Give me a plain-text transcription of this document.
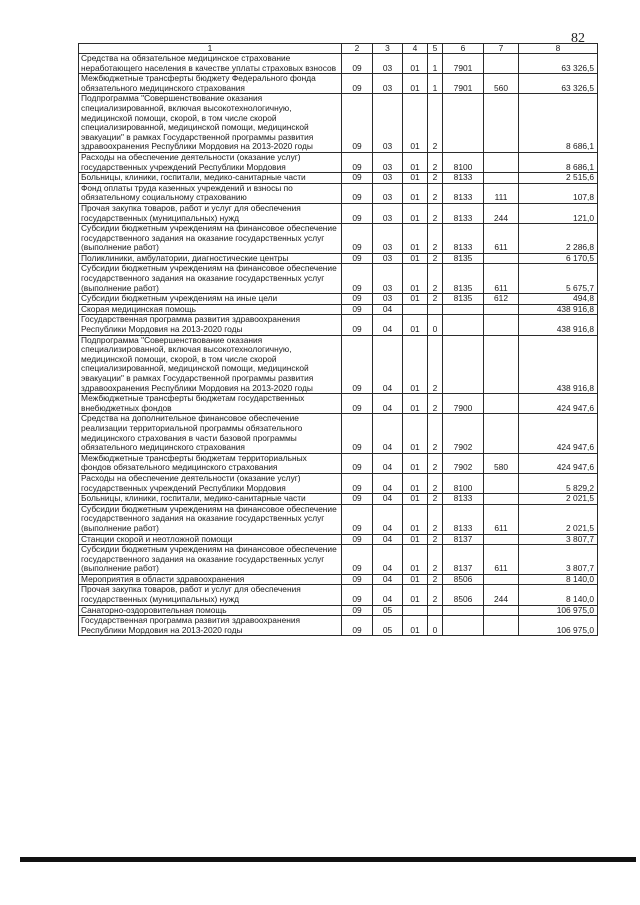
82
1	2	3	4	5	6	7	8
Средства на обязательное медицинское страхование неработающего населения в качестве уплаты страховых взносов	09	03	01	1	7901		63 326,5
Межбюджетные трансферты бюджету Федерального фонда обязательного медицинского страхования	09	03	01	1	7901	560	63 326,5
Подпрограмма "Совершенствование оказания специализированной, включая высокотехнологичную, медицинской помощи, скорой, в том числе скорой специализированной, медицинской помощи, медицинской эвакуации" в рамках Государственной программы развития здравоохранения Республики Мордовия на 2013-2020 годы	09	03	01	2			8 686,1
Расходы на обеспечение деятельности (оказание услуг) государственных учреждений Республики Мордовия	09	03	01	2	8100		8 686,1
Больницы, клиники, госпитали, медико-санитарные части	09	03	01	2	8133		2 515,6
Фонд оплаты труда казенных учреждений и взносы по обязательному социальному страхованию	09	03	01	2	8133	111	107,8
Прочая закупка товаров, работ и услуг для обеспечения государственных (муниципальных) нужд	09	03	01	2	8133	244	121,0
Субсидии бюджетным учреждениям на финансовое обеспечение государственного задания на оказание государственных услуг (выполнение работ)	09	03	01	2	8133	611	2 286,8
Поликлиники, амбулатории, диагностические центры	09	03	01	2	8135		6 170,5
Субсидии бюджетным учреждениям на финансовое обеспечение государственного задания на оказание государственных услуг (выполнение работ)	09	03	01	2	8135	611	5 675,7
Субсидии бюджетным учреждениям на иные цели	09	03	01	2	8135	612	494,8
Скорая медицинская помощь	09	04					438 916,8
Государственная программа развития здравоохранения Республики Мордовия на 2013-2020 годы	09	04	01	0			438 916,8
Подпрограмма "Совершенствование оказания специализированной, включая высокотехнологичную, медицинской помощи, скорой, в том числе скорой специализированной, медицинской помощи, медицинской эвакуации" в рамках Государственной программы развития здравоохранения Республики Мордовия на 2013-2020 годы	09	04	01	2			438 916,8
Межбюджетные трансферты бюджетам государственных внебюджетных фондов	09	04	01	2	7900		424 947,6
Средства на дополнительное финансовое обеспечение реализации территориальной программы обязательного медицинского страхования в части базовой программы обязательного медицинского страхования	09	04	01	2	7902		424 947,6
Межбюджетные трансферты бюджетам территориальных фондов обязательного медицинского страхования	09	04	01	2	7902	580	424 947,6
Расходы на обеспечение деятельности (оказание услуг) государственных учреждений Республики Мордовия	09	04	01	2	8100		5 829,2
Больницы, клиники, госпитали, медико-санитарные части	09	04	01	2	8133		2 021,5
Субсидии бюджетным учреждениям на финансовое обеспечение государственного задания на оказание государственных услуг (выполнение работ)	09	04	01	2	8133	611	2 021,5
Станции скорой и неотложной помощи	09	04	01	2	8137		3 807,7
Субсидии бюджетным учреждениям на финансовое обеспечение государственного задания на оказание государственных услуг (выполнение работ)	09	04	01	2	8137	611	3 807,7
Мероприятия в области здравоохранения	09	04	01	2	8506		8 140,0
Прочая закупка товаров, работ и услуг для обеспечения государственных (муниципальных) нужд	09	04	01	2	8506	244	8 140,0
Санаторно-оздоровительная помощь	09	05					106 975,0
Государственная программа развития здравоохранения Республики Мордовия на 2013-2020 годы	09	05	01	0			106 975,0
